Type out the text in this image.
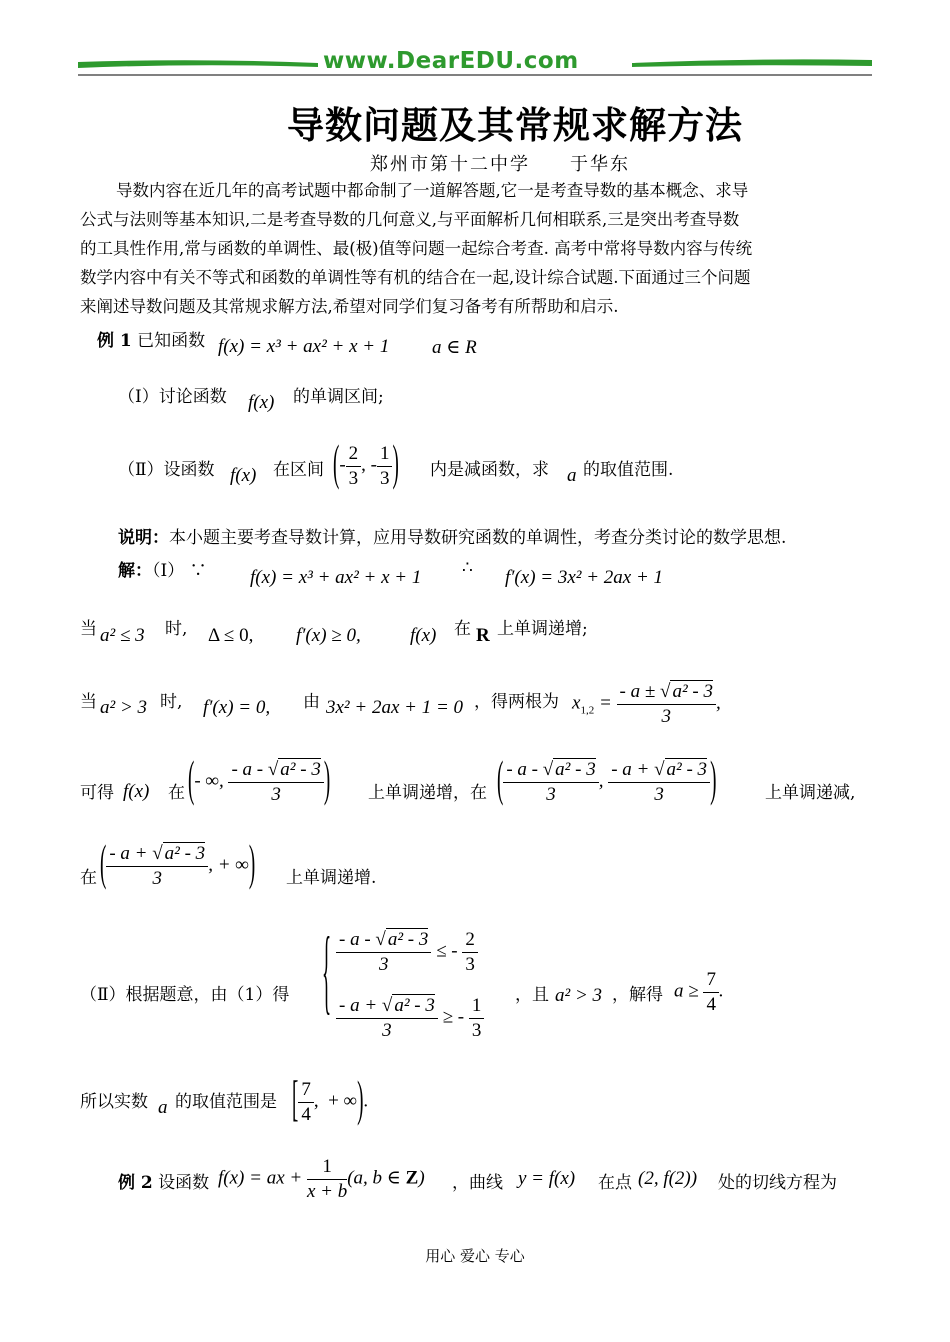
www.DearEDU.com
导数问题及其常规求解方法
郑州市第十二中学　　于华东
导数内容在近几年的高考试题中都命制了一道解答题,它一是考查导数的基本概念、求导
公式与法则等基本知识,二是考查导数的几何意义,与平面解析几何相联系,三是突出考查导数
的工具性作用,常与函数的单调性、最(极)值等问题一起综合考查. 高考中常将导数内容与传统
数学内容中有关不等式和函数的单调性等有机的结合在一起,设计综合试题.下面通过三个问题
来阐述导数问题及其常规求解方法,希望对同学们复习备考有所帮助和启示.
例 1 已知函数 f(x) = x³ + ax² + x + 1 a ∈ R
（Ⅰ）讨论函数 f(x) 的单调区间;
（Ⅱ）设函数 f(x) 在区间 (- $\frac{2}{3}$ , - $\frac{1}{3}$ ) 内是减函数，求 a 的取值范围.
说明：本小题主要考查导数计算，应用导数研究函数的单调性，考查分类讨论的数学思想.
解：（Ⅰ） ∵ f(x) = x³ + ax² + x + 1 ∴ f′(x) = 3x² + 2ax + 1
当 a² ≤ 3 时, Δ ≤ 0, f′(x) ≥ 0,	f(x) 在 R 上单调递增;
当 a² > 3 时, f′(x) = 0, 由 3x² + 2ax + 1 = 0 ，得两根为 $x_{1,2} = \frac{\text{- a ± √ a² - 3}}{3}$ ,
可得 f(x) 在 (- ∞, $\frac{\text{- a - √ a² - 3}}{3}$ ) 上单调递增，在 ( $\frac{\text{- a - √ a² - 3}}{3}$ , $\frac{\text{- a + √ a² - 3}}{3}$ )	上单调递减,
在 ( $\frac{\text{- a + √ a² - 3}}{3}$ , + ∞) 上单调递增.
（Ⅱ）根据题意，由（1）得 { $\frac{\text{- a - √ a² - 3}}{3}$ ≤ - $\frac{2}{3}$
$\frac{\text{- a + √ a² - 3}}{3}$ ≥ - $\frac{1}{3}$ ，且 a² > 3 ，解得 $a \ge \frac{7}{4}$ .
所以实数 a 的取值范围是 [ $\frac{7}{4}$ ,  + ∞).
例 2 设函数 f(x) = ax + $\frac{1}{x + b} (a$, b ∈ Z) ，曲线 y = f(x) 在点 (2, f(2)) 处的切线方程为
用心 爱心 专心
